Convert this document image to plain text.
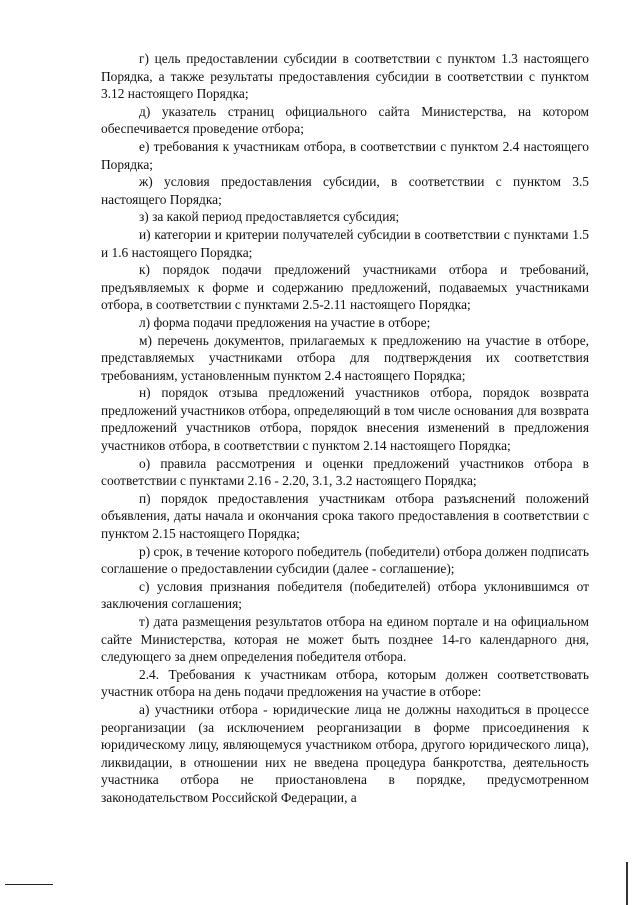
г) цель предоставлении субсидии в соответствии с пунктом 1.3 настоящего Порядка, а также результаты предоставления субсидии в соответствии с пунктом 3.12 настоящего Порядка;

д) указатель страниц официального сайта Министерства, на котором обеспечивается проведение отбора;

е) требования к участникам отбора, в соответствии с пунктом 2.4 настоящего Порядка;

ж) условия предоставления субсидии, в соответствии с пунктом 3.5 настоящего Порядка;

з) за какой период предоставляется субсидия;

и) категории и критерии получателей субсидии в соответствии с пунктами 1.5 и 1.6 настоящего Порядка;

к) порядок подачи предложений участниками отбора и требований, предъявляемых к форме и содержанию предложений, подаваемых участниками отбора, в соответствии с пунктами 2.5-2.11 настоящего Порядка;

л) форма подачи предложения на участие в отборе;

м) перечень документов, прилагаемых к предложению на участие в отборе, представляемых участниками отбора для подтверждения их соответствия требованиям, установленным пунктом 2.4 настоящего Порядка;

н) порядок отзыва предложений участников отбора, порядок возврата предложений участников отбора, определяющий в том числе основания для возврата предложений участников отбора, порядок внесения изменений в предложения участников отбора, в соответствии с пунктом 2.14 настоящего Порядка;

о) правила рассмотрения и оценки предложений участников отбора в соответствии с пунктами 2.16 - 2.20, 3.1, 3.2 настоящего Порядка;

п) порядок предоставления участникам отбора разъяснений положений объявления, даты начала и окончания срока такого предоставления в соответствии с пунктом 2.15 настоящего Порядка;

р) срок, в течение которого победитель (победители) отбора должен подписать соглашение о предоставлении субсидии (далее - соглашение);

с) условия признания победителя (победителей) отбора уклонившимся от заключения соглашения;

т) дата размещения результатов отбора на едином портале и на официальном сайте Министерства, которая не может быть позднее 14-го календарного дня, следующего за днем определения победителя отбора.

2.4. Требования к участникам отбора, которым должен соответствовать участник отбора на день подачи предложения на участие в отборе:

а) участники отбора - юридические лица не должны находиться в процессе реорганизации (за исключением реорганизации в форме присоединения к юридическому лицу, являющемуся участником отбора, другого юридического лица), ликвидации, в отношении них не введена процедура банкротства, деятельность участника отбора не приостановлена в порядке, предусмотренном законодательством Российской Федерации, а
